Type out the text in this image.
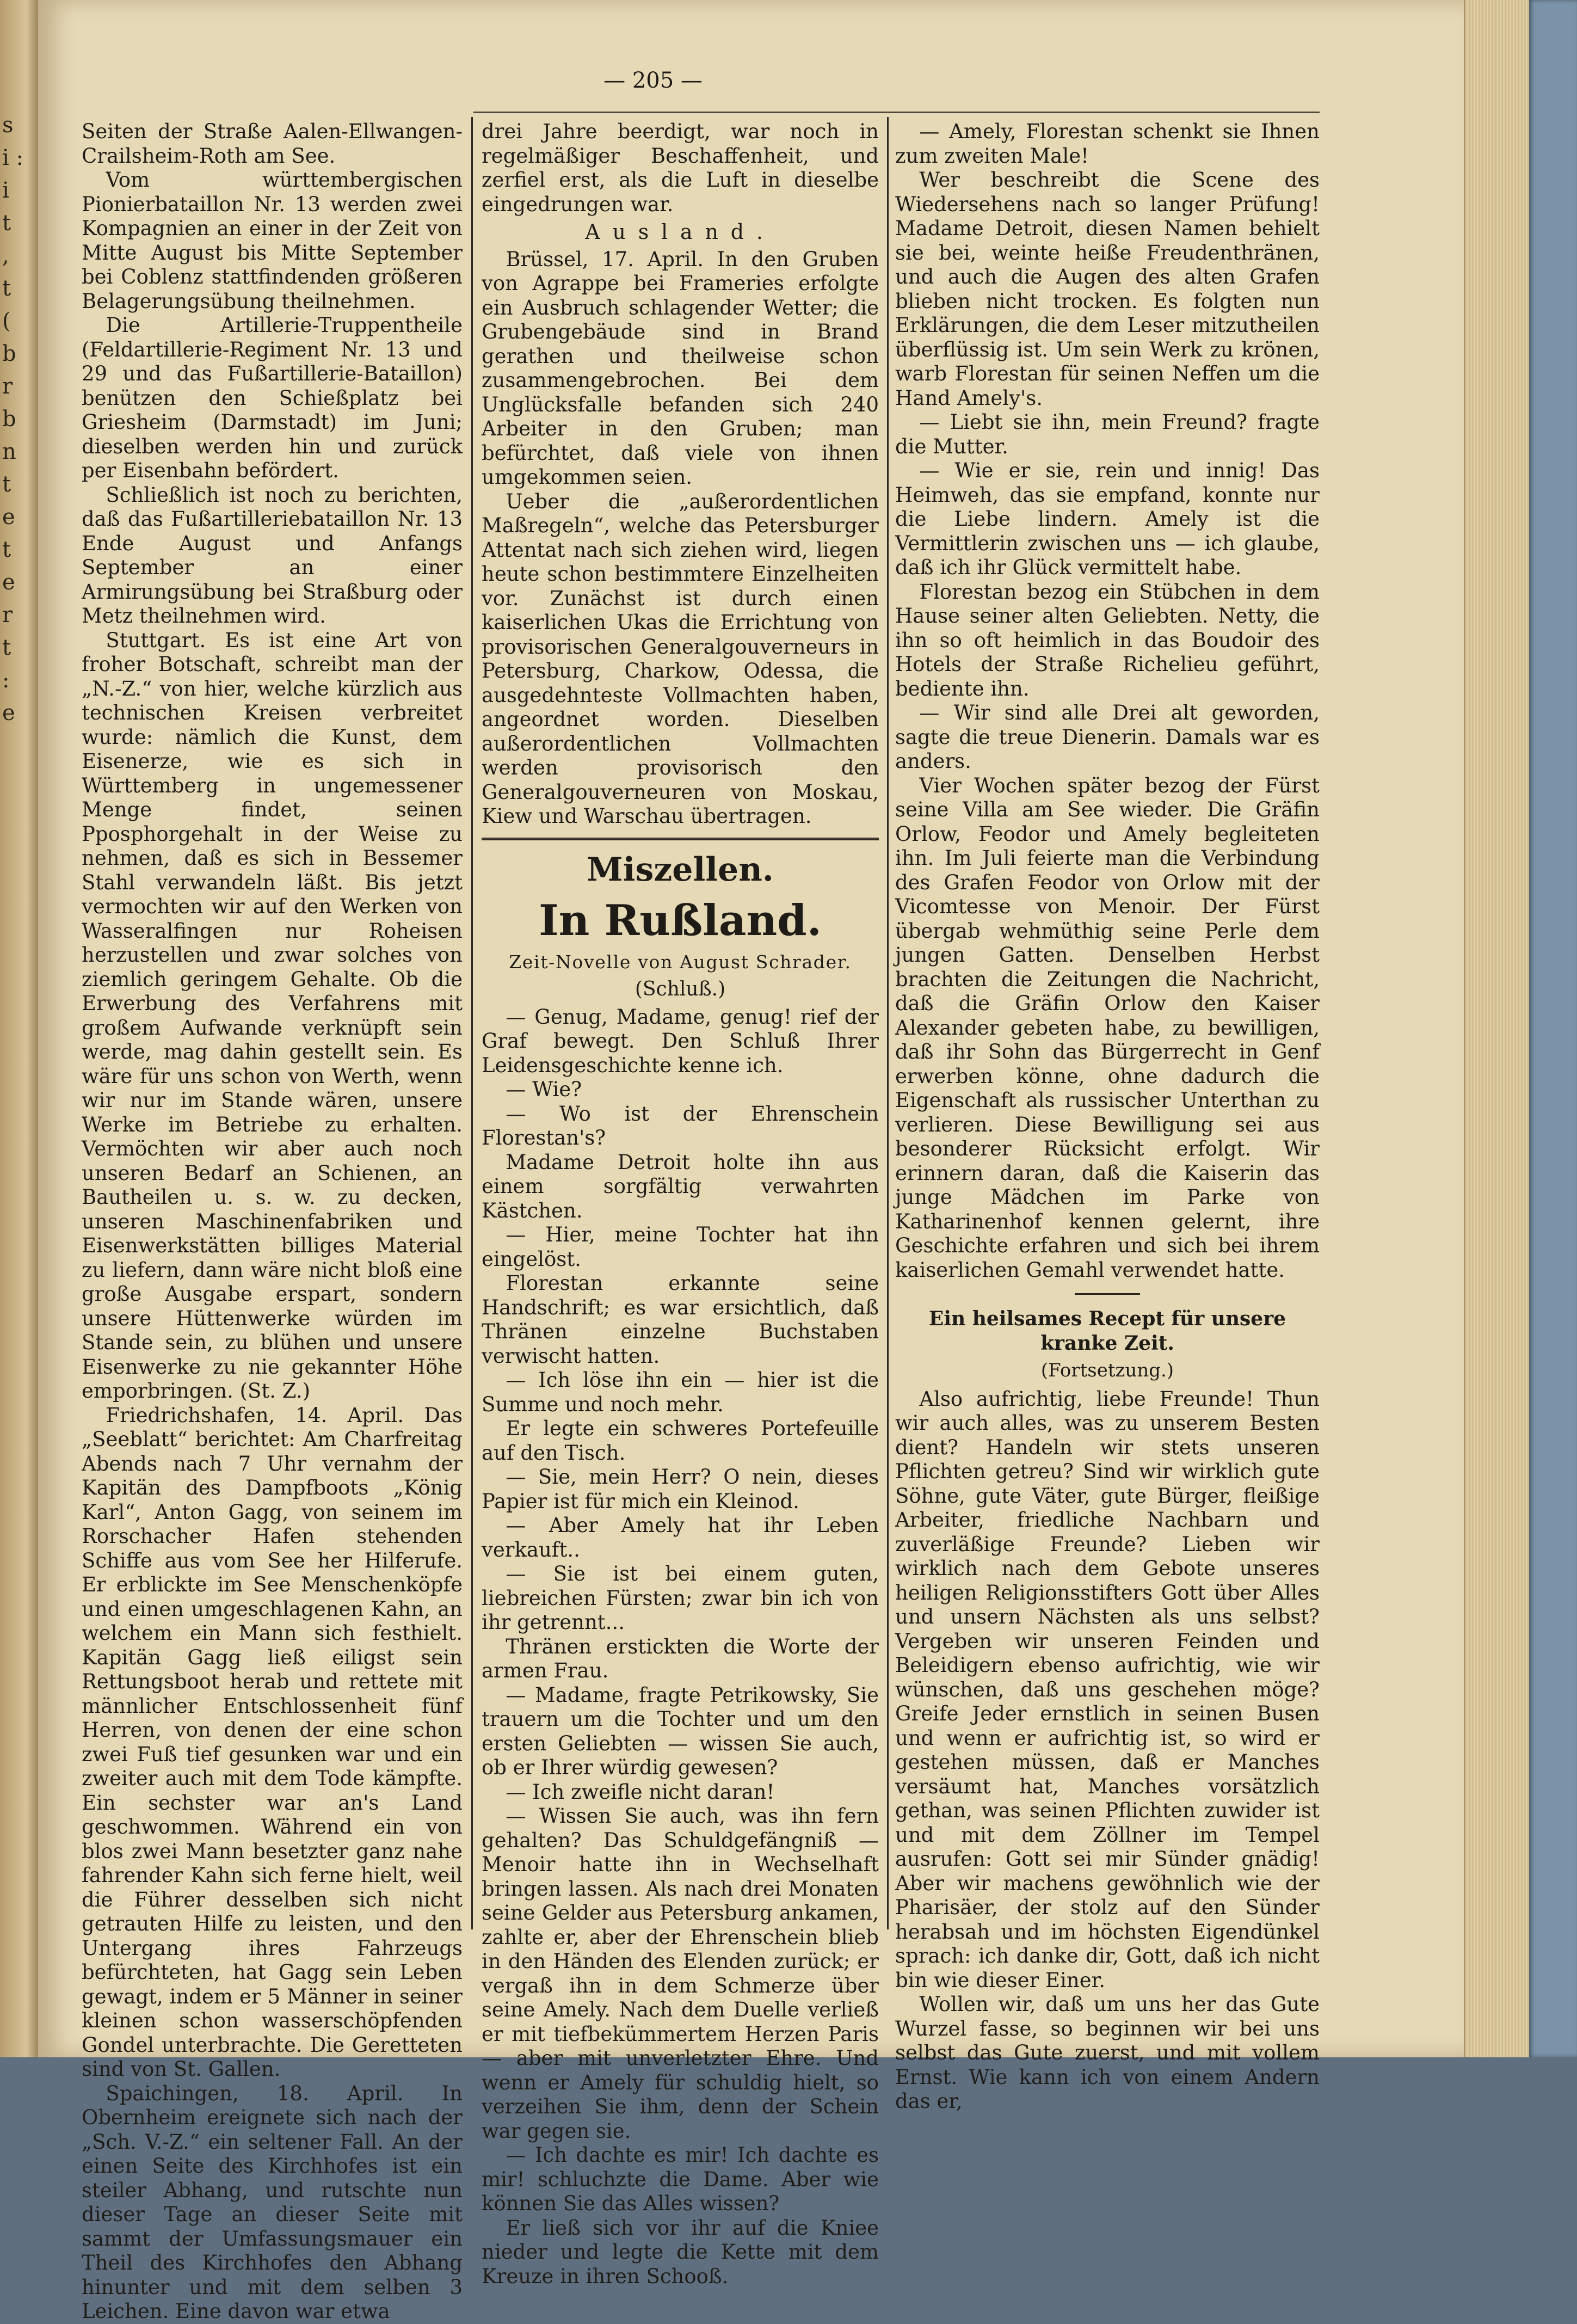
s i : i t , t ( b r b n t e t e r t : e
— 205 —

Seiten der Straße Aalen-Ellwangen-Crailsheim-Roth am See.

Vom württembergischen Pionierbataillon Nr. 13 werden zwei Kompagnien an einer in der Zeit von Mitte August bis Mitte September bei Coblenz stattfindenden größeren Belagerungsübung theilnehmen.

Die Artillerie-Truppentheile (Feldartillerie-Regiment Nr. 13 und 29 und das Fußartillerie-Bataillon) benützen den Schießplatz bei Griesheim (Darmstadt) im Juni; dieselben werden hin und zurück per Eisenbahn befördert.

Schließlich ist noch zu berichten, daß das Fußartilleriebataillon Nr. 13 Ende August und Anfangs September an einer Armirungsübung bei Straßburg oder Metz theilnehmen wird.

Stuttgart. Es ist eine Art von froher Botschaft, schreibt man der „N.-Z.“ von hier, welche kürzlich aus technischen Kreisen verbreitet wurde: nämlich die Kunst, dem Eisenerze, wie es sich in Württemberg in ungemessener Menge findet, seinen Pposphorgehalt in der Weise zu nehmen, daß es sich in Bessemer Stahl verwandeln läßt. Bis jetzt vermochten wir auf den Werken von Wasseralfingen nur Roheisen herzustellen und zwar solches von ziemlich geringem Gehalte. Ob die Erwerbung des Verfahrens mit großem Aufwande verknüpft sein werde, mag dahin gestellt sein. Es wäre für uns schon von Werth, wenn wir nur im Stande wären, unsere Werke im Betriebe zu erhalten. Vermöchten wir aber auch noch unseren Bedarf an Schienen, an Bautheilen u. s. w. zu decken, unseren Maschinenfabriken und Eisenwerkstätten billiges Material zu liefern, dann wäre nicht bloß eine große Ausgabe erspart, sondern unsere Hüttenwerke würden im Stande sein, zu blühen und unsere Eisenwerke zu nie gekannter Höhe emporbringen. (St. Z.)

Friedrichshafen, 14. April. Das „Seeblatt“ berichtet: Am Charfreitag Abends nach 7 Uhr vernahm der Kapitän des Dampfboots „König Karl“, Anton Gagg, von seinem im Rorschacher Hafen stehenden Schiffe aus vom See her Hilferufe. Er erblickte im See Menschenköpfe und einen umgeschlagenen Kahn, an welchem ein Mann sich festhielt. Kapitän Gagg ließ eiligst sein Rettungsboot herab und rettete mit männlicher Entschlossenheit fünf Herren, von denen der eine schon zwei Fuß tief gesunken war und ein zweiter auch mit dem Tode kämpfte. Ein sechster war an's Land geschwommen. Während ein von blos zwei Mann besetzter ganz nahe fahrender Kahn sich ferne hielt, weil die Führer desselben sich nicht getrauten Hilfe zu leisten, und den Untergang ihres Fahrzeugs befürchteten, hat Gagg sein Leben gewagt, indem er 5 Männer in seiner kleinen schon wasserschöpfenden Gondel unterbrachte. Die Geretteten sind von St. Gallen.

Spaichingen, 18. April. In Obernheim ereignete sich nach der „Sch. V.-Z.“ ein seltener Fall. An der einen Seite des Kirchhofes ist ein steiler Abhang, und rutschte nun dieser Tage an dieser Seite mit sammt der Umfassungsmauer ein Theil des Kirchhofes den Abhang hinunter und mit dem selben 3 Leichen. Eine davon war etwa

drei Jahre beerdigt, war noch in regelmäßiger Beschaffenheit, und zerfiel erst, als die Luft in dieselbe eingedrungen war.

Ausland.

Brüssel, 17. April. In den Gruben von Agrappe bei Frameries erfolgte ein Ausbruch schlagender Wetter; die Grubengebäude sind in Brand gerathen und theilweise schon zusammengebrochen. Bei dem Unglücksfalle befanden sich 240 Arbeiter in den Gruben; man befürchtet, daß viele von ihnen umgekommen seien.

Ueber die „außerordentlichen Maßregeln“, welche das Petersburger Attentat nach sich ziehen wird, liegen heute schon bestimmtere Einzelheiten vor. Zunächst ist durch einen kaiserlichen Ukas die Errichtung von provisorischen Generalgouverneurs in Petersburg, Charkow, Odessa, die ausgedehnteste Vollmachten haben, angeordnet worden. Dieselben außerordentlichen Vollmachten werden provisorisch den Generalgouverneuren von Moskau, Kiew und Warschau übertragen.

Miszellen.
In Rußland.
Zeit-Novelle von August Schrader.
(Schluß.)

— Genug, Madame, genug! rief der Graf bewegt. Den Schluß Ihrer Leidensgeschichte kenne ich.

— Wie?

— Wo ist der Ehrenschein Florestan's?

Madame Detroit holte ihn aus einem sorgfältig verwahrten Kästchen.

— Hier, meine Tochter hat ihn eingelöst.

Florestan erkannte seine Handschrift; es war ersichtlich, daß Thränen einzelne Buchstaben verwischt hatten.

— Ich löse ihn ein — hier ist die Summe und noch mehr.

Er legte ein schweres Portefeuille auf den Tisch.

— Sie, mein Herr? O nein, dieses Papier ist für mich ein Kleinod.

— Aber Amely hat ihr Leben verkauft..

— Sie ist bei einem guten, liebreichen Fürsten; zwar bin ich von ihr getrennt...

Thränen erstickten die Worte der armen Frau.

— Madame, fragte Petrikowsky, Sie trauern um die Tochter und um den ersten Geliebten — wissen Sie auch, ob er Ihrer würdig gewesen?

— Ich zweifle nicht daran!

— Wissen Sie auch, was ihn fern gehalten? Das Schuldgefängniß — Menoir hatte ihn in Wechselhaft bringen lassen. Als nach drei Monaten seine Gelder aus Petersburg ankamen, zahlte er, aber der Ehrenschein blieb in den Händen des Elenden zurück; er vergaß ihn in dem Schmerze über seine Amely. Nach dem Duelle verließ er mit tiefbekümmertem Herzen Paris — aber mit unverletzter Ehre. Und wenn er Amely für schuldig hielt, so verzeihen Sie ihm, denn der Schein war gegen sie.

— Ich dachte es mir! Ich dachte es mir! schluchzte die Dame. Aber wie können Sie das Alles wissen?

Er ließ sich vor ihr auf die Kniee nieder und legte die Kette mit dem Kreuze in ihren Schooß.

— Amely, Florestan schenkt sie Ihnen zum zweiten Male!

Wer beschreibt die Scene des Wiedersehens nach so langer Prüfung! Madame Detroit, diesen Namen behielt sie bei, weinte heiße Freudenthränen, und auch die Augen des alten Grafen blieben nicht trocken. Es folgten nun Erklärungen, die dem Leser mitzutheilen überflüssig ist. Um sein Werk zu krönen, warb Florestan für seinen Neffen um die Hand Amely's.

— Liebt sie ihn, mein Freund? fragte die Mutter.

— Wie er sie, rein und innig! Das Heimweh, das sie empfand, konnte nur die Liebe lindern. Amely ist die Vermittlerin zwischen uns — ich glaube, daß ich ihr Glück vermittelt habe.

Florestan bezog ein Stübchen in dem Hause seiner alten Geliebten. Netty, die ihn so oft heimlich in das Boudoir des Hotels der Straße Richelieu geführt, bediente ihn.

— Wir sind alle Drei alt geworden, sagte die treue Dienerin. Damals war es anders.

Vier Wochen später bezog der Fürst seine Villa am See wieder. Die Gräfin Orlow, Feodor und Amely begleiteten ihn. Im Juli feierte man die Verbindung des Grafen Feodor von Orlow mit der Vicomtesse von Menoir. Der Fürst übergab wehmüthig seine Perle dem jungen Gatten. Denselben Herbst brachten die Zeitungen die Nachricht, daß die Gräfin Orlow den Kaiser Alexander gebeten habe, zu bewilligen, daß ihr Sohn das Bürgerrecht in Genf erwerben könne, ohne dadurch die Eigenschaft als russischer Unterthan zu verlieren. Diese Bewilligung sei aus besonderer Rücksicht erfolgt. Wir erinnern daran, daß die Kaiserin das junge Mädchen im Parke von Katharinenhof kennen gelernt, ihre Geschichte erfahren und sich bei ihrem kaiserlichen Gemahl verwendet hatte.

Ein heilsames Recept für unsere kranke Zeit.
(Fortsetzung.)

Also aufrichtig, liebe Freunde! Thun wir auch alles, was zu unserem Besten dient? Handeln wir stets unseren Pflichten getreu? Sind wir wirklich gute Söhne, gute Väter, gute Bürger, fleißige Arbeiter, friedliche Nachbarn und zuverläßige Freunde? Lieben wir wirklich nach dem Gebote unseres heiligen Religionsstifters Gott über Alles und unsern Nächsten als uns selbst? Vergeben wir unseren Feinden und Beleidigern ebenso aufrichtig, wie wir wünschen, daß uns geschehen möge? Greife Jeder ernstlich in seinen Busen und wenn er aufrichtig ist, so wird er gestehen müssen, daß er Manches versäumt hat, Manches vorsätzlich gethan, was seinen Pflichten zuwider ist und mit dem Zöllner im Tempel ausrufen: Gott sei mir Sünder gnädig! Aber wir machens gewöhnlich wie der Pharisäer, der stolz auf den Sünder herabsah und im höchsten Eigendünkel sprach: ich danke dir, Gott, daß ich nicht bin wie dieser Einer.

Wollen wir, daß um uns her das Gute Wurzel fasse, so beginnen wir bei uns selbst das Gute zuerst, und mit vollem Ernst. Wie kann ich von einem Andern das er,
